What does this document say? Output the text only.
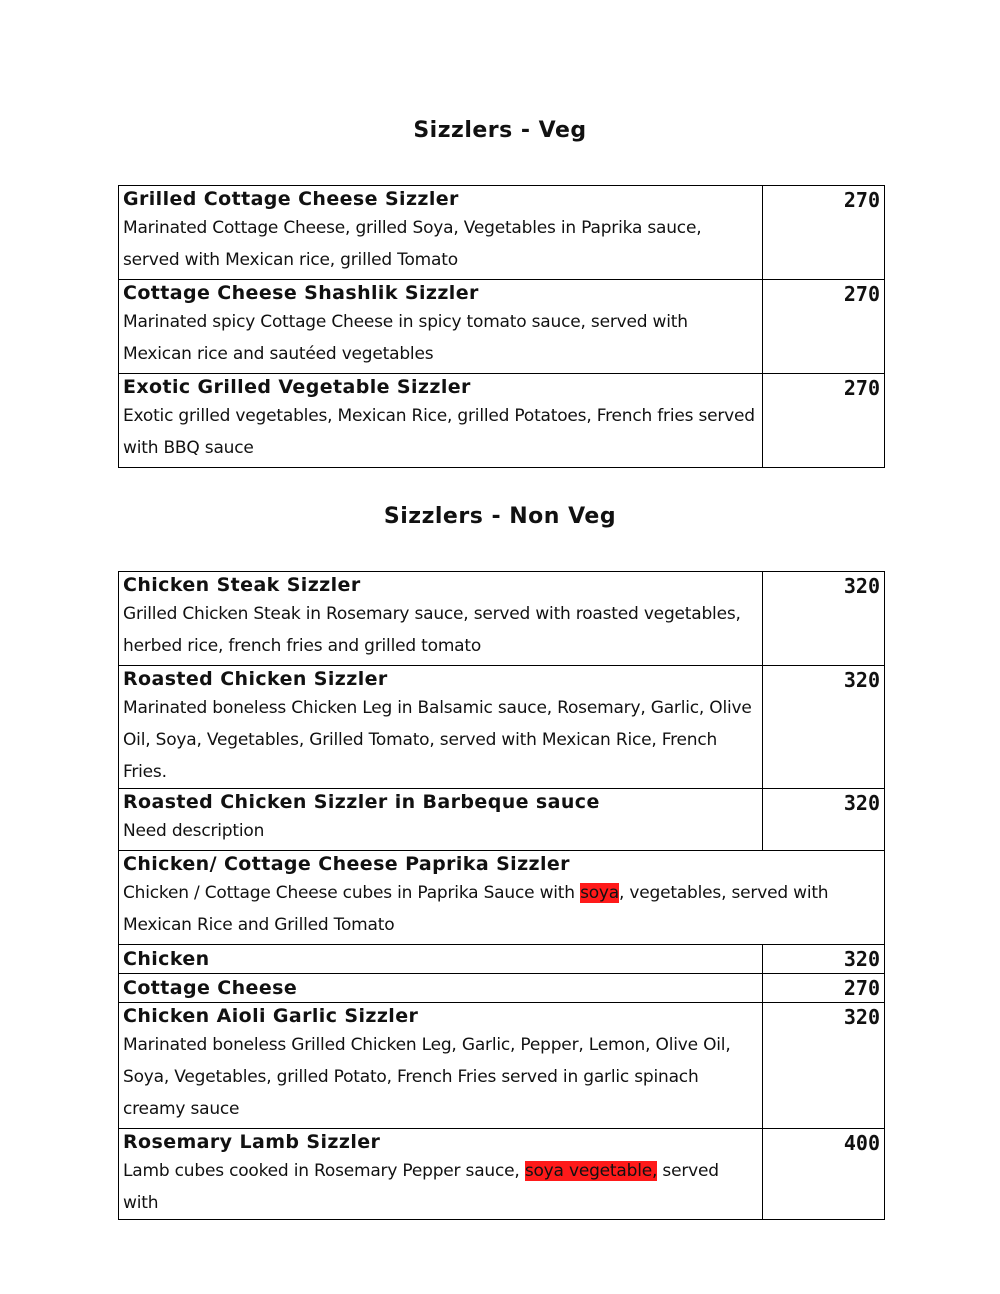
Sizzlers - Veg
Grilled Cottage Cheese Sizzler
Marinated Cottage Cheese, grilled Soya, Vegetables in Paprika sauce, served with Mexican rice, grilled Tomato	270

Cottage Cheese Shashlik Sizzler
Marinated spicy Cottage Cheese in spicy tomato sauce, served with Mexican rice and sautéed vegetables	270

Exotic Grilled Vegetable Sizzler
Exotic grilled vegetables, Mexican Rice, grilled Potatoes, French fries served with BBQ sauce	270
Sizzlers - Non Veg
Chicken Steak Sizzler
Grilled Chicken Steak in Rosemary sauce, served with roasted vegetables, herbed rice, french fries and grilled tomato	320

Roasted Chicken Sizzler
Marinated boneless Chicken Leg in Balsamic sauce, Rosemary, Garlic, Olive Oil, Soya, Vegetables, Grilled Tomato, served with Mexican Rice, French Fries.	320

Roasted Chicken Sizzler in Barbeque sauce
Need description	320

Chicken/ Cottage Cheese Paprika Sizzler
Chicken / Cottage Cheese cubes in Paprika Sauce with soya, vegetables, served with Mexican Rice and Grilled Tomato	

Chicken	320

Cottage Cheese	270

Chicken Aioli Garlic Sizzler
Marinated boneless Grilled Chicken Leg, Garlic, Pepper, Lemon, Olive Oil, Soya, Vegetables, grilled Potato, French Fries served in garlic spinach creamy sauce	320

Rosemary Lamb Sizzler
Lamb cubes cooked in Rosemary Pepper sauce, soya vegetable, served with	400
